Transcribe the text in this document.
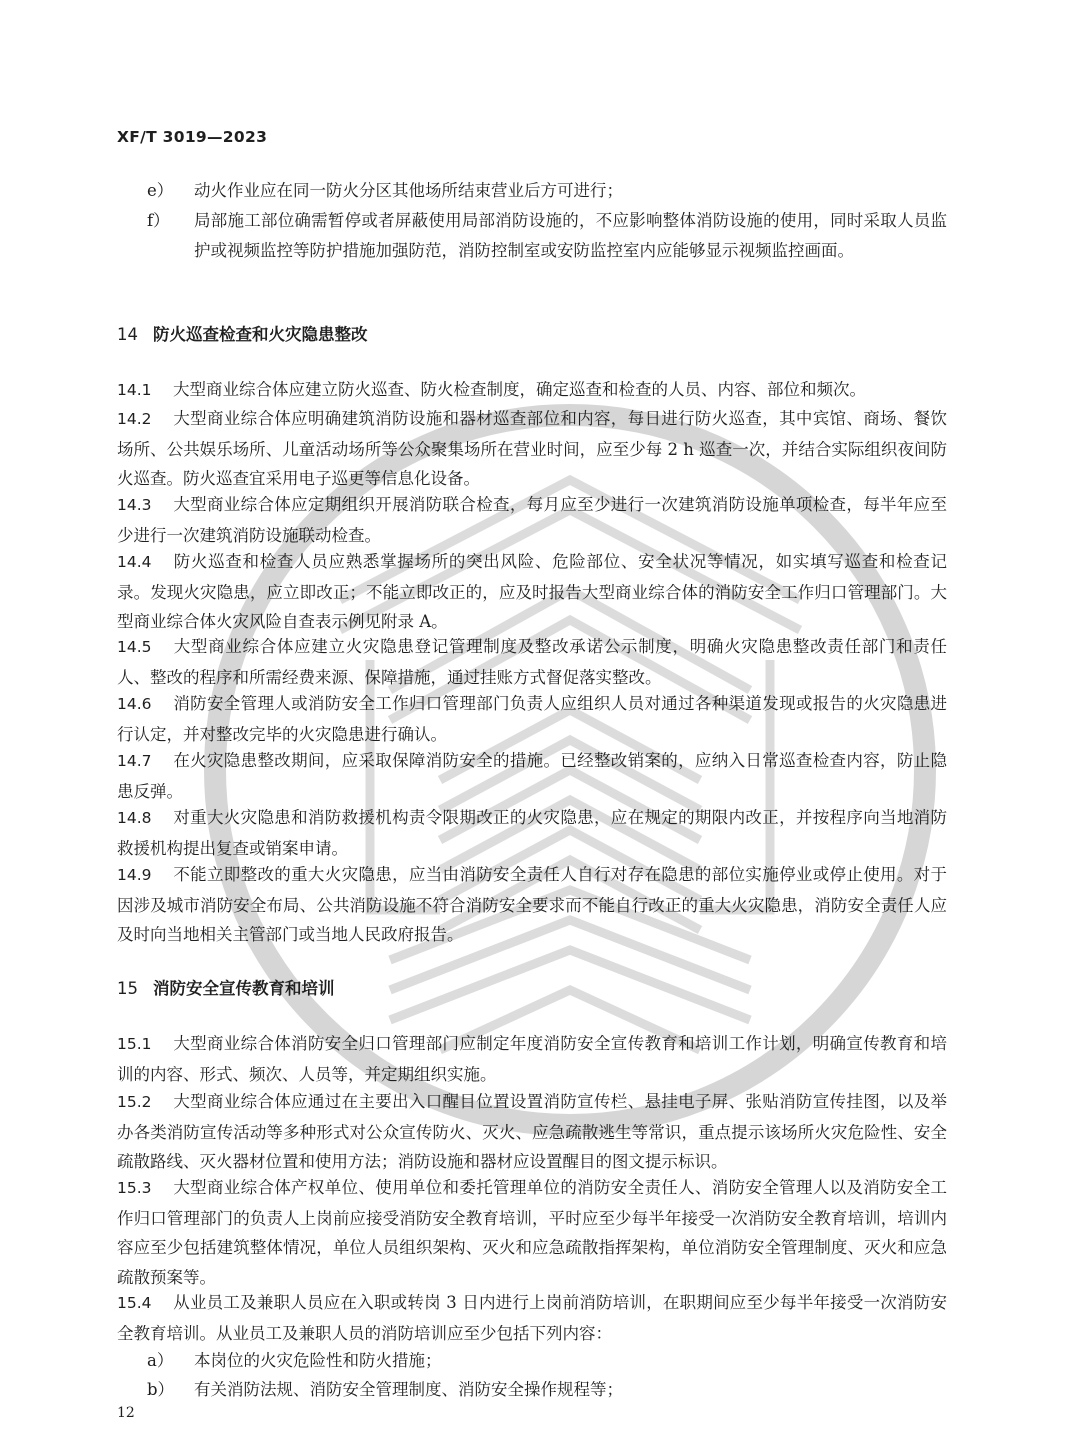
XF/T 3019—2023
e） 动火作业应在同一防火分区其他场所结束营业后方可进行；
f） 局部施工部位确需暂停或者屏蔽使用局部消防设施的，不应影响整体消防设施的使用，同时采取人员监护或视频监控等防护措施加强防范，消防控制室或安防监控室内应能够显示视频监控画面。
14 防火巡查检查和火灾隐患整改
14.1 大型商业综合体应建立防火巡查、防火检查制度，确定巡查和检查的人员、内容、部位和频次。
14.2 大型商业综合体应明确建筑消防设施和器材巡查部位和内容，每日进行防火巡查，其中宾馆、商场、餐饮场所、公共娱乐场所、儿童活动场所等公众聚集场所在营业时间，应至少每 2 h 巡查一次，并结合实际组织夜间防火巡查。防火巡查宜采用电子巡更等信息化设备。
14.3 大型商业综合体应定期组织开展消防联合检查，每月应至少进行一次建筑消防设施单项检查，每半年应至少进行一次建筑消防设施联动检查。
14.4 防火巡查和检查人员应熟悉掌握场所的突出风险、危险部位、安全状况等情况，如实填写巡查和检查记录。发现火灾隐患，应立即改正；不能立即改正的，应及时报告大型商业综合体的消防安全工作归口管理部门。大型商业综合体火灾风险自查表示例见附录 A。
14.5 大型商业综合体应建立火灾隐患登记管理制度及整改承诺公示制度，明确火灾隐患整改责任部门和责任人、整改的程序和所需经费来源、保障措施，通过挂账方式督促落实整改。
14.6 消防安全管理人或消防安全工作归口管理部门负责人应组织人员对通过各种渠道发现或报告的火灾隐患进行认定，并对整改完毕的火灾隐患进行确认。
14.7 在火灾隐患整改期间，应采取保障消防安全的措施。已经整改销案的，应纳入日常巡查检查内容，防止隐患反弹。
14.8 对重大火灾隐患和消防救援机构责令限期改正的火灾隐患，应在规定的期限内改正，并按程序向当地消防救援机构提出复查或销案申请。
14.9 不能立即整改的重大火灾隐患，应当由消防安全责任人自行对存在隐患的部位实施停业或停止使用。对于因涉及城市消防安全布局、公共消防设施不符合消防安全要求而不能自行改正的重大火灾隐患，消防安全责任人应及时向当地相关主管部门或当地人民政府报告。
15 消防安全宣传教育和培训
15.1 大型商业综合体消防安全归口管理部门应制定年度消防安全宣传教育和培训工作计划，明确宣传教育和培训的内容、形式、频次、人员等，并定期组织实施。
15.2 大型商业综合体应通过在主要出入口醒目位置设置消防宣传栏、悬挂电子屏、张贴消防宣传挂图，以及举办各类消防宣传活动等多种形式对公众宣传防火、灭火、应急疏散逃生等常识，重点提示该场所火灾危险性、安全疏散路线、灭火器材位置和使用方法；消防设施和器材应设置醒目的图文提示标识。
15.3 大型商业综合体产权单位、使用单位和委托管理单位的消防安全责任人、消防安全管理人以及消防安全工作归口管理部门的负责人上岗前应接受消防安全教育培训，平时应至少每半年接受一次消防安全教育培训，培训内容应至少包括建筑整体情况，单位人员组织架构、灭火和应急疏散指挥架构，单位消防安全管理制度、灭火和应急疏散预案等。
15.4 从业员工及兼职人员应在入职或转岗 3 日内进行上岗前消防培训，在职期间应至少每半年接受一次消防安全教育培训。从业员工及兼职人员的消防培训应至少包括下列内容：
a） 本岗位的火灾危险性和防火措施；
b） 有关消防法规、消防安全管理制度、消防安全操作规程等；
12
